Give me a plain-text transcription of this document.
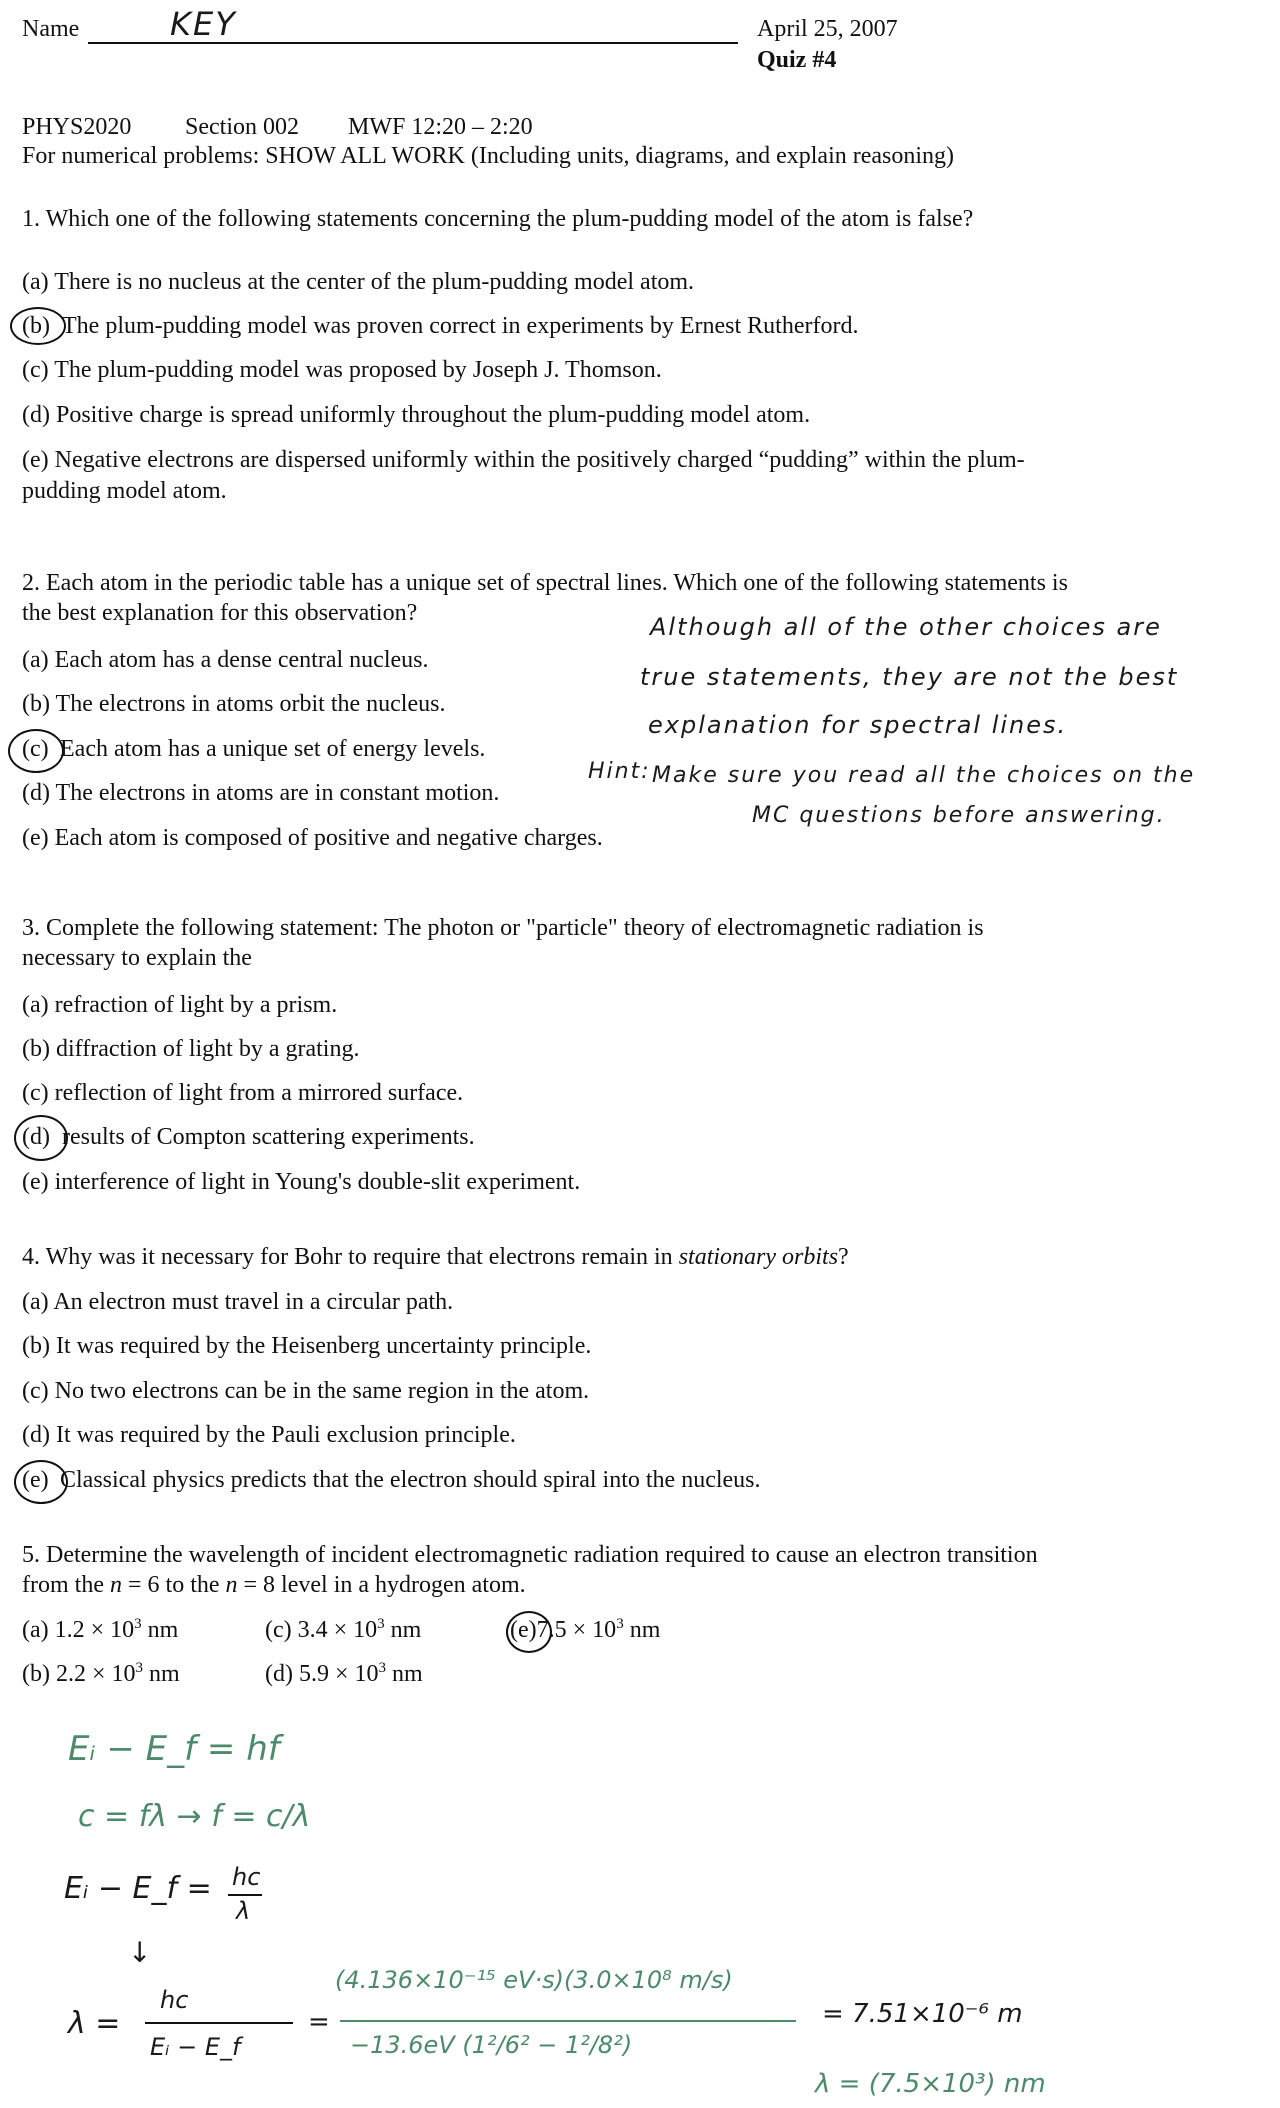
Name	KEY	April 25, 2007
Quiz #4
PHYS2020 Section 002 MWF 12:20 – 2:20
For numerical problems: SHOW ALL WORK (Including units, diagrams, and explain reasoning)
1. Which one of the following statements concerning the plum-pudding model of the atom is false?
(a) There is no nucleus at the center of the plum-pudding model atom.
(b) The plum-pudding model was proven correct in experiments by Ernest Rutherford.
(c) The plum-pudding model was proposed by Joseph J. Thomson.
(d) Positive charge is spread uniformly throughout the plum-pudding model atom.
(e) Negative electrons are dispersed uniformly within the positively charged “pudding” within the plum-
pudding model atom.
2. Each atom in the periodic table has a unique set of spectral lines. Which one of the following statements is
the best explanation for this observation?
(a) Each atom has a dense central nucleus.
(b) The electrons in atoms orbit the nucleus.
(c) Each atom has a unique set of energy levels.
(d) The electrons in atoms are in constant motion.
(e) Each atom is composed of positive and negative charges.
Although all of the other choices are
true statements, they are not the best
explanation for spectral lines.
Hint: Make sure you read all the choices on the
MC questions before answering.
3. Complete the following statement: The photon or "particle" theory of electromagnetic radiation is
necessary to explain the
(a) refraction of light by a prism.
(b) diffraction of light by a grating.
(c) reflection of light from a mirrored surface.
(d) results of Compton scattering experiments.
(e) interference of light in Young's double-slit experiment.
4. Why was it necessary for Bohr to require that electrons remain in stationary orbits?
(a) An electron must travel in a circular path.
(b) It was required by the Heisenberg uncertainty principle.
(c) No two electrons can be in the same region in the atom.
(d) It was required by the Pauli exclusion principle.
(e) Classical physics predicts that the electron should spiral into the nucleus.
5. Determine the wavelength of incident electromagnetic radiation required to cause an electron transition
from the n = 6 to the n = 8 level in a hydrogen atom.
(a) $1.2 \times 10^3$ nm	(c) $3.4 \times 10^3$ nm	$(e)7.5 \times 10^3$ nm
(b) $2.2 \times 10^3$ nm	(d) $5.9 \times 10^3$ nm
Eᵢ − E_f = hf
c = fλ → f = c/λ
Eᵢ − E_f = hc
λ
↓
λ =
hc
Eᵢ − E_f
=
(4.136×10⁻¹⁵ eV·s)(3.0×10⁸ m/s)
−13.6eV (1²/6² − 1²/8²)
= 7.51×10⁻⁶ m
λ = (7.5×10³) nm
